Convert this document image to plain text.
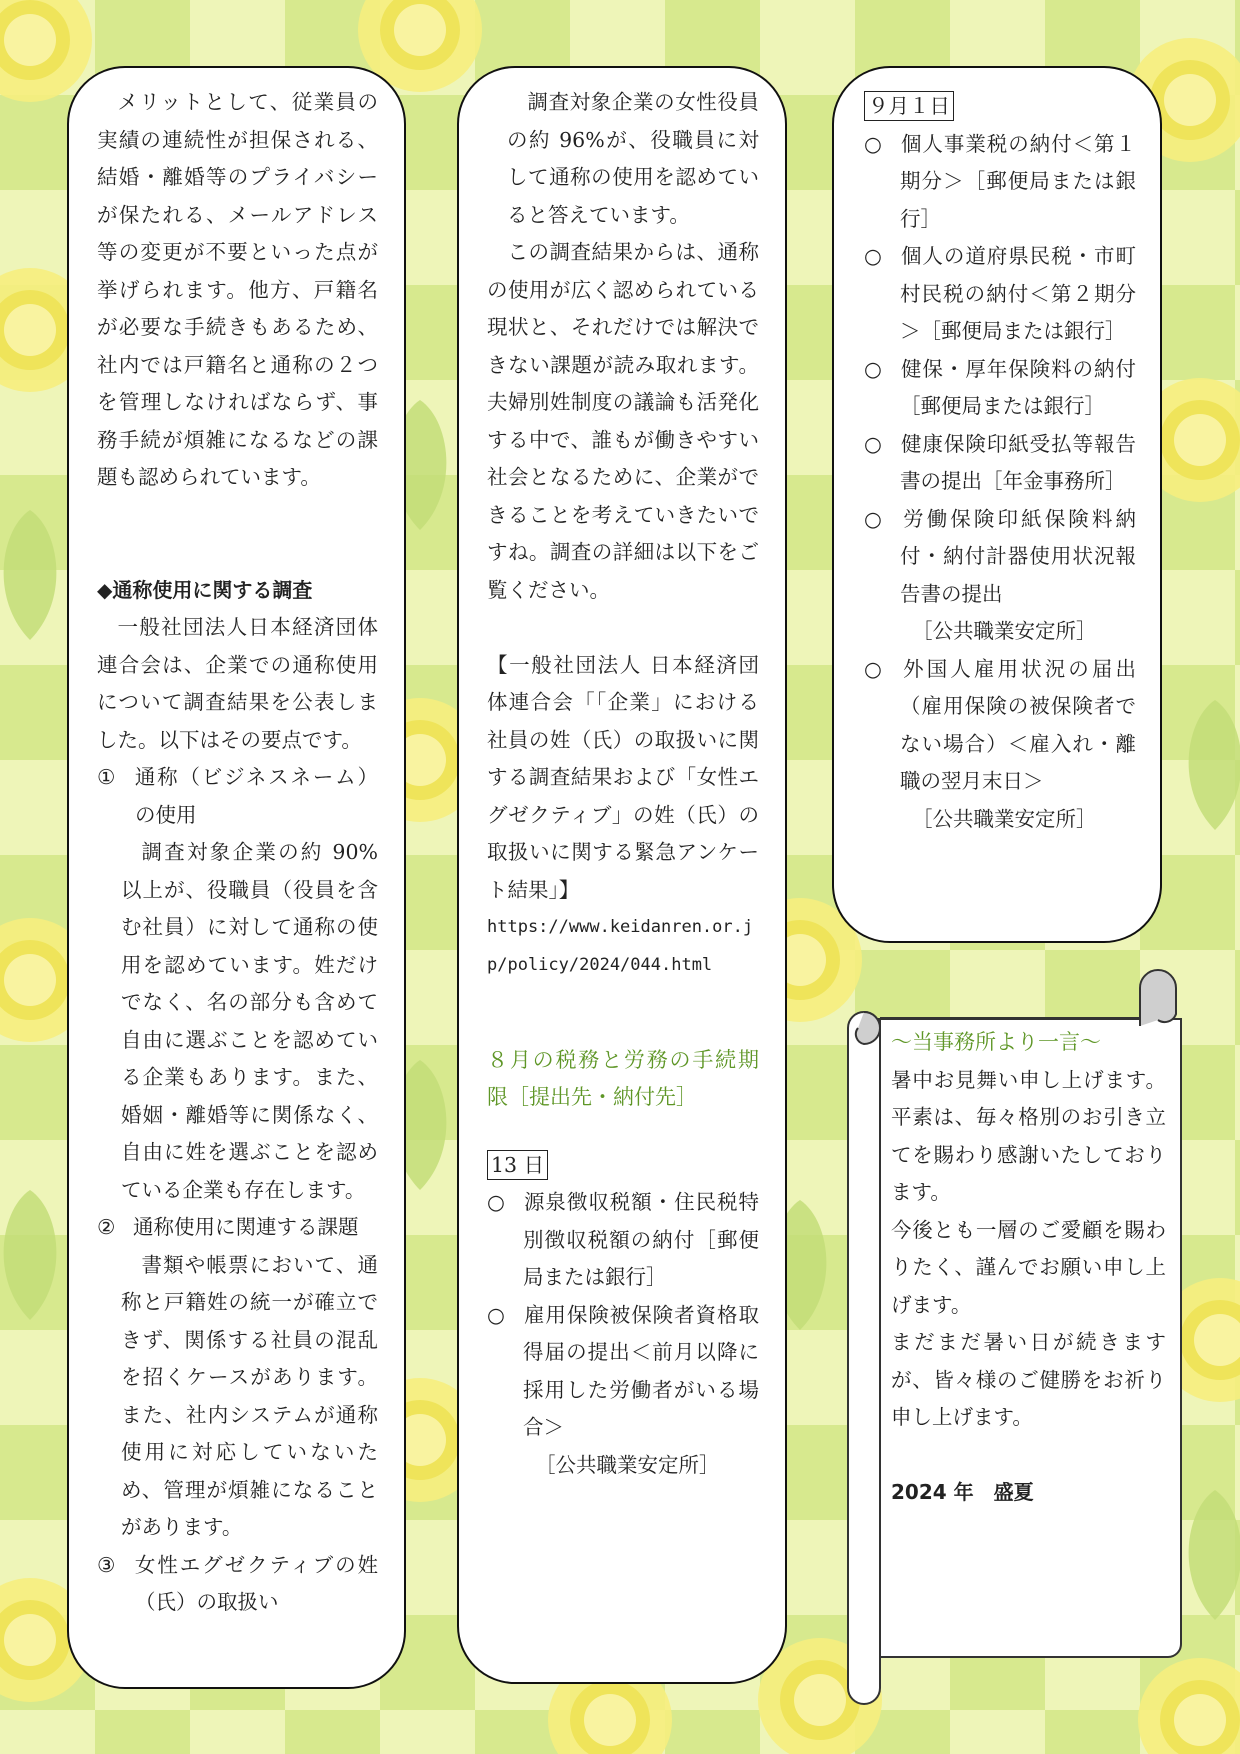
メリットとして、従業員の実績の連続性が担保される、結婚・離婚等のプライバシーが保たれる、メールアドレス等の変更が不要といった点が挙げられます。他方、戸籍名が必要な手続きもあるため、社内では戸籍名と通称の２つを管理しなければならず、事務手続が煩雑になるなどの課題も認められています。

◆通称使用に関する調査

一般社団法人日本経済団体連合会は、企業での通称使用について調査結果を公表しました。以下はその要点です。

① 通称（ビジネスネーム）の使用

調査対象企業の約 90%以上が、役職員（役員を含む社員）に対して通称の使用を認めています。姓だけでなく、名の部分も含めて自由に選ぶことを認めている企業もあります。また、婚姻・離婚等に関係なく、自由に姓を選ぶことを認めている企業も存在します。

② 通称使用に関連する課題

書類や帳票において、通称と戸籍姓の統一が確立できず、関係する社員の混乱を招くケースがあります。また、社内システムが通称使用に対応していないため、管理が煩雑になることがあります。

③ 女性エグゼクティブの姓（氏）の取扱い

調査対象企業の女性役員の約 96%が、役職員に対して通称の使用を認めていると答えています。

この調査結果からは、通称の使用が広く認められている現状と、それだけでは解決できない課題が読み取れます。夫婦別姓制度の議論も活発化する中で、誰もが働きやすい社会となるために、企業ができることを考えていきたいですね。調査の詳細は以下をご覧ください。

【一般社団法人 日本経済団体連合会「「企業」における社員の姓（氏）の取扱いに関する調査結果および「女性エグゼクティブ」の姓（氏）の取扱いに関する緊急アンケート結果」】

https://www.keidanren.or.jp/policy/2024/044.html

８月の税務と労務の手続期限［提出先・納付先］

13 日

○ 源泉徴収税額・住民税特別徴収税額の納付［郵便局または銀行］

○ 雇用保険被保険者資格取得届の提出＜前月以降に採用した労働者がいる場合＞

［公共職業安定所］

９月１日

○ 個人事業税の納付＜第１期分＞［郵便局または銀行］

○ 個人の道府県民税・市町村民税の納付＜第２期分＞［郵便局または銀行］

○ 健保・厚年保険料の納付［郵便局または銀行］

○ 健康保険印紙受払等報告書の提出［年金事務所］

○ 労働保険印紙保険料納付・納付計器使用状況報告書の提出

［公共職業安定所］

○ 外国人雇用状況の届出（雇用保険の被保険者でない場合）＜雇入れ・離職の翌月末日＞

［公共職業安定所］

～当事務所より一言～

暑中お見舞い申し上げます。平素は、毎々格別のお引き立てを賜わり感謝いたしております。

今後とも一層のご愛顧を賜わりたく、謹んでお願い申し上げます。

まだまだ暑い日が続きますが、皆々様のご健勝をお祈り申し上げます。

2024 年　盛夏
